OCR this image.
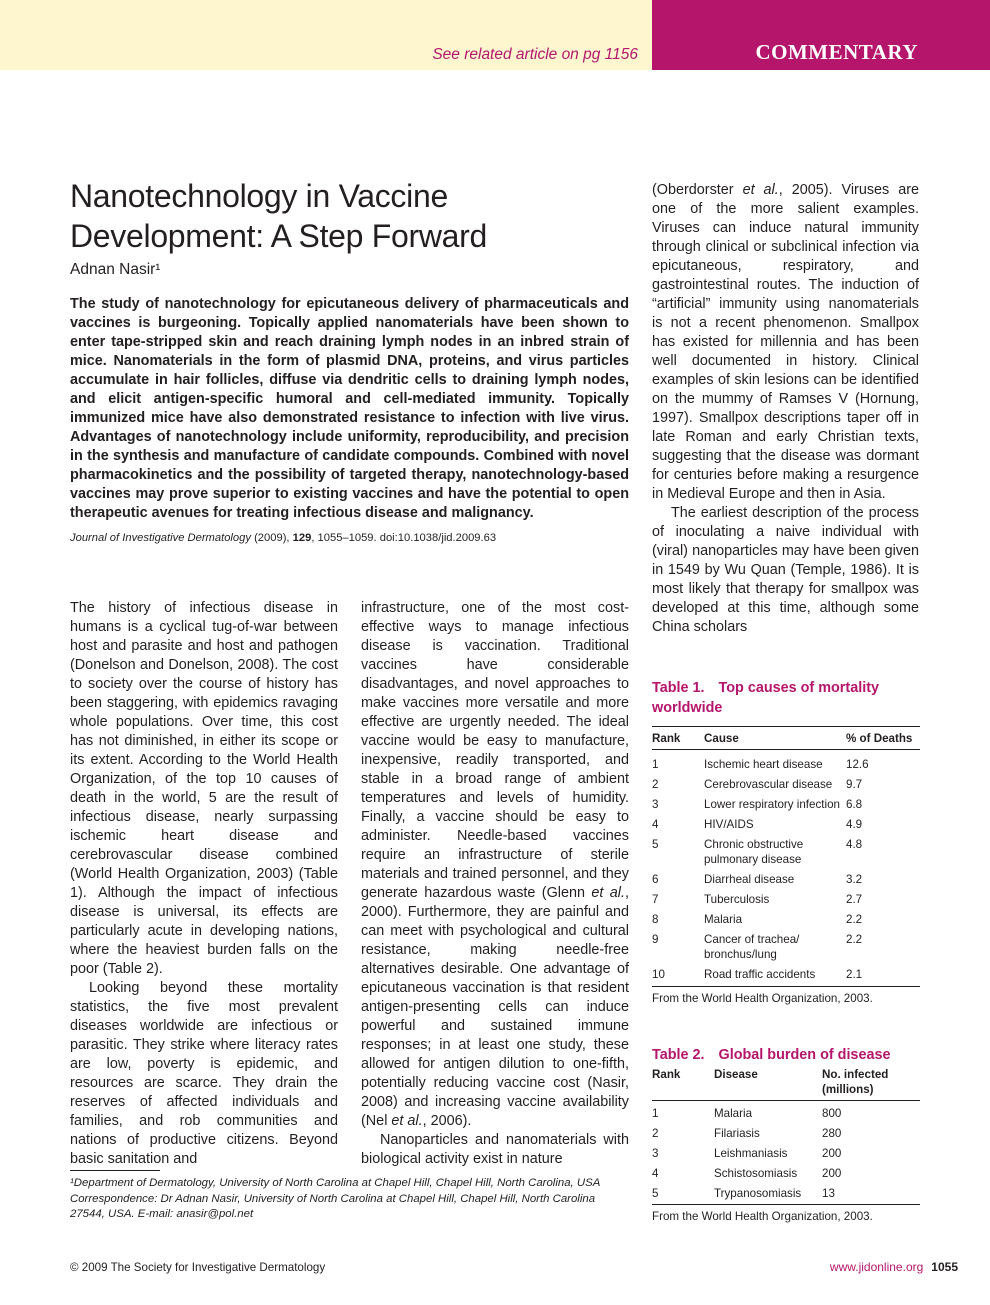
See related article on pg 1156	COMMENTARY
Nanotechnology in Vaccine
Development: A Step Forward
Adnan Nasir¹

The study of nanotechnology for epicutaneous delivery of pharmaceuticals and vaccines is burgeoning. Topically applied nanomaterials have been shown to enter tape-stripped skin and reach draining lymph nodes in an inbred strain of mice. Nanomaterials in the form of plasmid DNA, proteins, and virus particles accumulate in hair follicles, diffuse via dendritic cells to draining lymph nodes, and elicit antigen-specific humoral and cell-mediated immunity. Topically immunized mice have also demonstrated resistance to infection with live virus. Advantages of nanotechnology include uniformity, reproducibility, and precision in the synthesis and manufacture of candidate compounds. Combined with novel pharmacokinetics and the possibility of targeted therapy, nanotechnology-based vaccines may prove superior to existing vaccines and have the potential to open therapeutic avenues for treating infectious disease and malignancy.

Journal of Investigative Dermatology (2009), 129, 1055–1059. doi:10.1038/jid.2009.63

The history of infectious disease in humans is a cyclical tug-of-war between host and parasite and host and pathogen (Donelson and Donelson, 2008). The cost to society over the course of history has been staggering, with epidemics ravaging whole populations. Over time, this cost has not diminished, in either its scope or its extent. According to the World Health Organization, of the top 10 causes of death in the world, 5 are the result of infectious disease, nearly surpassing ischemic heart disease and cerebrovascular disease combined (World Health Organization, 2003) (Table 1). Although the impact of infectious disease is universal, its effects are particularly acute in developing nations, where the heaviest burden falls on the poor (Table 2).

Looking beyond these mortality statistics, the five most prevalent diseases worldwide are infectious or parasitic. They strike where literacy rates are low, poverty is epidemic, and resources are scarce. They drain the reserves of affected individuals and families, and rob communities and nations of productive citizens. Beyond basic sanitation and

infrastructure, one of the most cost-effective ways to manage infectious disease is vaccination. Traditional vaccines have considerable disadvantages, and novel approaches to make vaccines more versatile and more effective are urgently needed. The ideal vaccine would be easy to manufacture, inexpensive, readily transported, and stable in a broad range of ambient temperatures and levels of humidity. Finally, a vaccine should be easy to administer. Needle-based vaccines require an infrastructure of sterile materials and trained personnel, and they generate hazardous waste (Glenn et al., 2000). Furthermore, they are painful and can meet with psychological and cultural resistance, making needle-free alternatives desirable. One advantage of epicutaneous vaccination is that resident antigen-presenting cells can induce powerful and sustained immune responses; in at least one study, these allowed for antigen dilution to one-fifth, potentially reducing vaccine cost (Nasir, 2008) and increasing vaccine availability (Nel et al., 2006).

Nanoparticles and nanomaterials with biological activity exist in nature

(Oberdorster et al., 2005). Viruses are one of the more salient examples. Viruses can induce natural immunity through clinical or subclinical infection via epicutaneous, respiratory, and gastrointestinal routes. The induction of “artificial” immunity using nanomaterials is not a recent phenomenon. Smallpox has existed for millennia and has been well documented in history. Clinical examples of skin lesions can be identified on the mummy of Ramses V (Hornung, 1997). Smallpox descriptions taper off in late Roman and early Christian texts, suggesting that the disease was dormant for centuries before making a resurgence in Medieval Europe and then in Asia.

The earliest description of the process of inoculating a naive individual with (viral) nanoparticles may have been given in 1549 by Wu Quan (Temple, 1986). It is most likely that therapy for smallpox was developed at this time, although some China scholars

Table 1. Top causes of mortality worldwide
Rank	Cause	% of Deaths
1	Ischemic heart disease	12.6
2	Cerebrovascular disease	9.7
3	Lower respiratory infection	6.8
4	HIV/AIDS	4.9
5	Chronic obstructive pulmonary disease	4.8
6	Diarrheal disease	3.2
7	Tuberculosis	2.7
8	Malaria	2.2
9	Cancer of trachea/ bronchus/lung	2.2
10	Road traffic accidents	2.1
From the World Health Organization, 2003.
Table 2. Global burden of disease
Rank	Disease	No. infected (millions)
1	Malaria	800
2	Filariasis	280
3	Leishmaniasis	200
4	Schistosomiasis	200
5	Trypanosomiasis	13
From the World Health Organization, 2003.
¹Department of Dermatology, University of North Carolina at Chapel Hill, Chapel Hill, North Carolina, USA
Correspondence: Dr Adnan Nasir, University of North Carolina at Chapel Hill, Chapel Hill, North Carolina 27544, USA. E-mail: anasir@pol.net
© 2009 The Society for Investigative Dermatology	www.jidonline.org 1055
